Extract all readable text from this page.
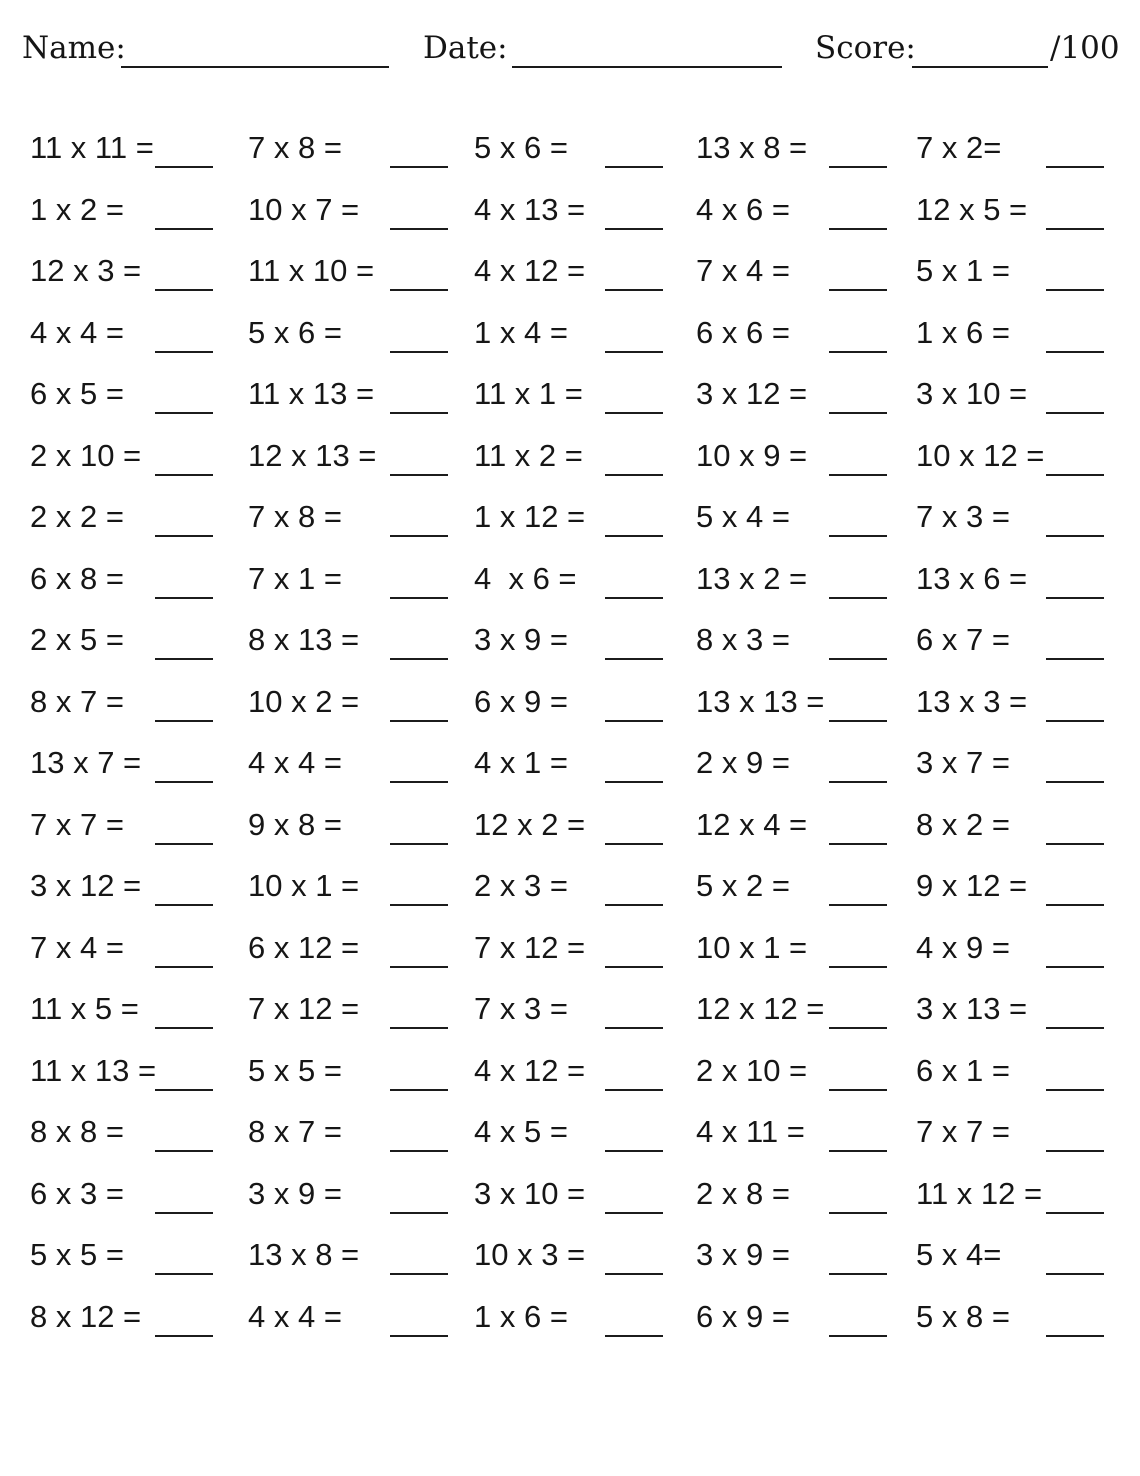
Name:	Date:	Score:	/100
11 x 11 =	7 x 8 =	5 x 6 =	13 x 8 =	7 x 2=
1 x 2 =	10 x 7 =	4 x 13 =	4 x 6 =	12 x 5 =
12 x 3 =	11 x 10 =	4 x 12 =	7 x 4 =	5 x 1 =
4 x 4 =	5 x 6 =	1 x 4 =	6 x 6 =	1 x 6 =
6 x 5 =	11 x 13 =	11 x 1 =	3 x 12 =	3 x 10 =
2 x 10 =	12 x 13 =	11 x 2 =	10 x 9 =	10 x 12 =
2 x 2 =	7 x 8 =	1 x 12 =	5 x 4 =	7 x 3 =
6 x 8 =	7 x 1 =	4  x 6 =	13 x 2 =	13 x 6 =
2 x 5 =	8 x 13 =	3 x 9 =	8 x 3 =	6 x 7 =
8 x 7 =	10 x 2 =	6 x 9 =	13 x 13 =	13 x 3 =
13 x 7 =	4 x 4 =	4 x 1 =	2 x 9 =	3 x 7 =
7 x 7 =	9 x 8 =	12 x 2 =	12 x 4 =	8 x 2 =
3 x 12 =	10 x 1 =	2 x 3 =	5 x 2 =	9 x 12 =
7 x 4 =	6 x 12 =	7 x 12 =	10 x 1 =	4 x 9 =
11 x 5 =	7 x 12 =	7 x 3 =	12 x 12 =	3 x 13 =
11 x 13 =	5 x 5 =	4 x 12 =	2 x 10 =	6 x 1 =
8 x 8 =	8 x 7 =	4 x 5 =	4 x 11 =	7 x 7 =
6 x 3 =	3 x 9 =	3 x 10 =	2 x 8 =	11 x 12 =
5 x 5 =	13 x 8 =	10 x 3 =	3 x 9 =	5 x 4=
8 x 12 =	4 x 4 =	1 x 6 =	6 x 9 =	5 x 8 =
